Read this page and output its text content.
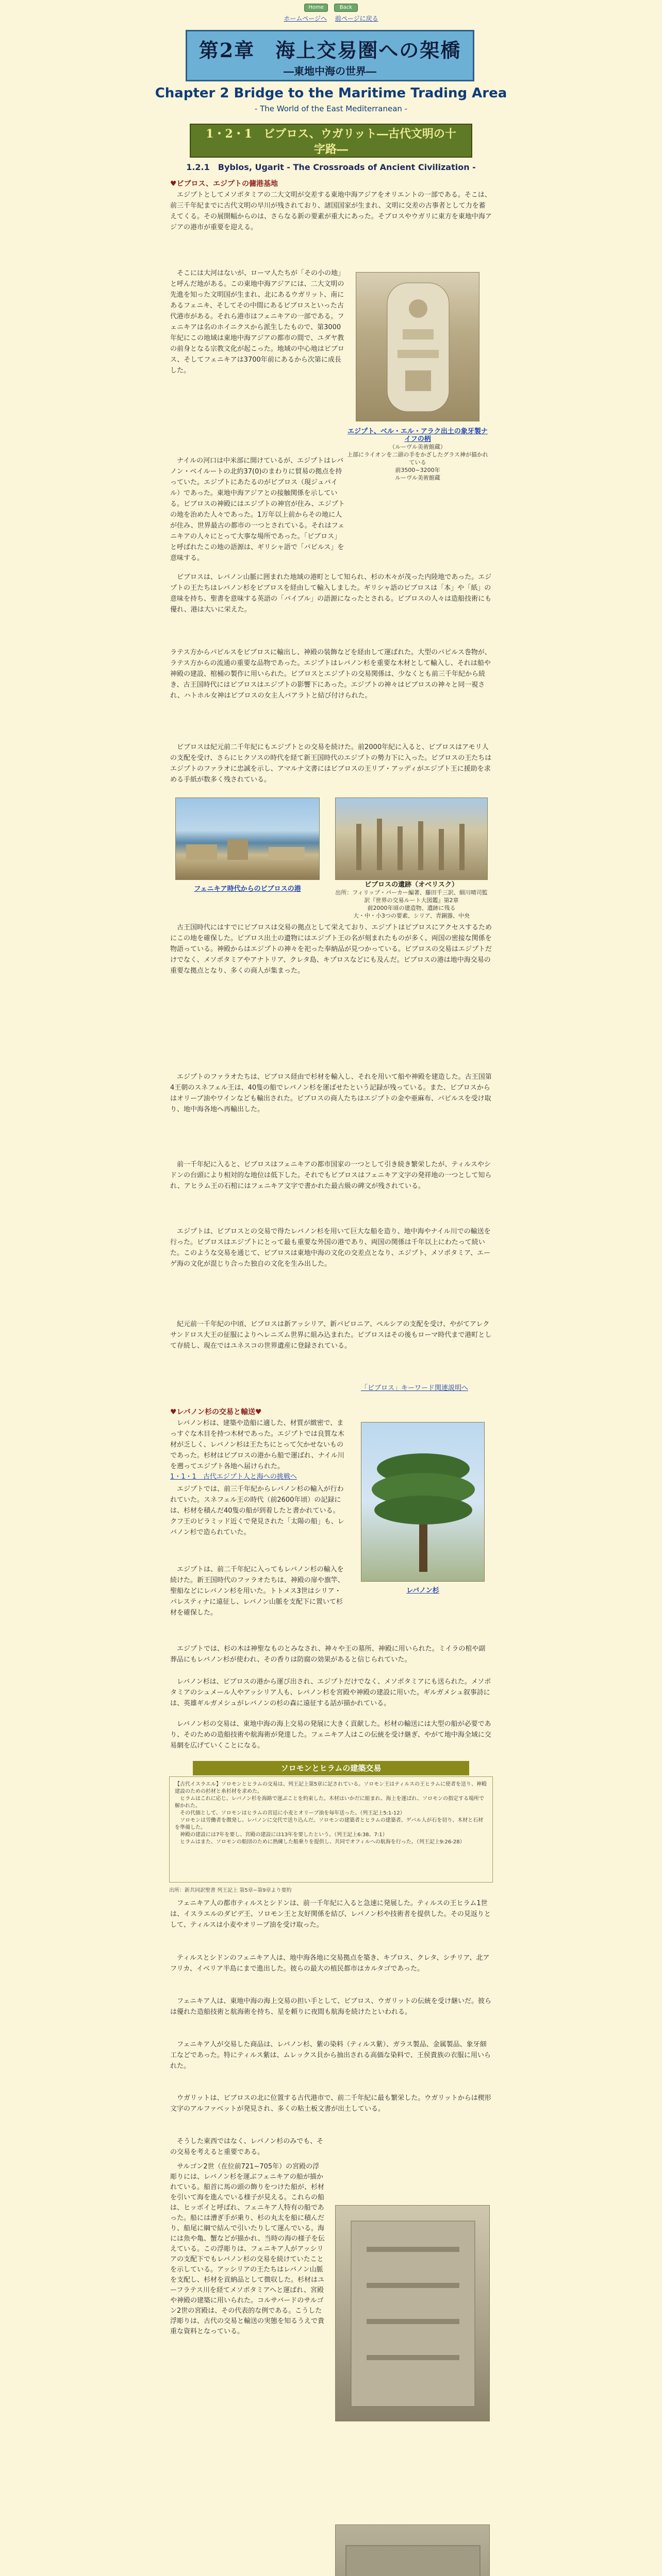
Home	Back
ホームページへ 前ページに戻る
第2章　海上交易圏への架橋
―東地中海の世界―
Chapter 2 Bridge to the Maritime Trading Area
- The World of the East Mediterranean -
1・2・1　ビブロス、ウガリット―古代文明の十
字路―
1.2.1　Byblos, Ugarit - The Crossroads of Ancient Civilization -
♥ビブロス、エジプトの傭港基地
　エジプトとしてメソポタミアの二大文明が交差する東地中海アジアをオリエントの一部である。そこは、前三千年紀までに古代文明の早川が残されており、諸国国家が生まれ、文明に交差の古事者として力を蓄えてくる。その展開幅からのは、さらなる新の要素が重大にあった。そブロスやウガリに東方を東地中海アジアの港市が重要を迎える。
　そこには大河はないが、ローマ人たちが「その小の地」と呼んだ地がある。この東地中海アジアには、二大文明の先進を知った文明国が生まれ、北にあるウガリット、南にあるフェニキ、そしてその中間にあるビブロスといった古代港市がある。それら港市はフェニキアの一部である。フェニキアは名のホイニクスから派生したもので、第3000年紀にこの地域は東地中海アジアの都市の間で、ユダヤ教の前身となる宗教文化が起こった。地域の中心地はビブロス、そしてフェニキアは3700年前にあるから次第に成長した。
エジプト、ベル・エル・アラク出土の象牙製ナイフの柄
（ルーヴル美術館蔵）
上部にライオンを二頭の手をかざしたグラス神が描かれている
前3500~3200年
ルーヴル美術館蔵
　ナイルの河口は中米部に開けているが、エジプトはレバノン・ベイルートの北約37(0)のまわりに貿易の拠点を持っていた。エジプトにあたるのがビブロス（現ジュバイル）であった。東地中海アジアとの接触関係を示している。ビブロスの神殿にはエジプトの神官が住み、エジプトの地を治めた人々であった。1万年以上前からその地に人が住み、世界最古の都市の一つとされている。それはフェニキアの人々にとって大事な場所であった。「ビブロス」と呼ばれたこの地の語源は、ギリシャ語で「パピルス」を意味する。
　ビブロスは、レバノン山脈に囲まれた地域の港町として知られ、杉の木々が茂った内陸地であった。エジプトの王たちはレバノン杉をビブロスを経由して輸入しました。ギリシャ語のビブロスは「本」や「紙」の意味を持ち、聖書を意味する英語の「バイブル」の語源になったとされる。ビブロスの人々は造船技術にも優れ、港は大いに栄えた。
ラテス方からパピルスをビブロスに輸出し、神殿の装飾などを経由して運ばれた。大型のパピルス巻物が、ラテス方からの流通の重要な品物であった。エジプトはレバノン杉を重要な木材として輸入し、それは船や神殿の建設、棺桶の製作に用いられた。ビブロスとエジプトの交易関係は、少なくとも前三千年紀から続き、古王国時代にはビブロスはエジプトの影響下にあった。エジプトの神々はビブロスの神々と同一視され、ハトホル女神はビブロスの女主人バアラトと結び付けられた。
　ビブロスは紀元前二千年紀にもエジプトとの交易を続けた。前2000年紀に入ると、ビブロスはアモリ人の支配を受け、さらにヒクソスの時代を経て新王国時代のエジプトの勢力下に入った。ビブロスの王たちはエジプトのファラオに忠誠を示し、アマルナ文書にはビブロスの王リブ・アッディがエジプト王に援助を求める手紙が数多く残されている。
フェニキア時代からのビブロスの港
ビブロスの遺跡（オベリスク）
出所：フィリップ・パーカー編著、藤田千三訳、細川晴司監訳『世界の交易ルート大図鑑』第2章
前2000年頃の建造物、遺跡に残る
大・中・小3つの要素、シリア、青銅器、中央
　古王国時代にはすでにビブロスは交易の拠点として栄えており、エジプトはビブロスにアクセスするためにこの地を確保した。ビブロス出土の遺物にはエジプト王の名が刻まれたものが多く、両国の密接な関係を物語っている。神殿からはエジプトの神々を祀った奉納品が見つかっている。ビブロスの交易はエジプトだけでなく、メソポタミアやアナトリア、クレタ島、キプロスなどにも及んだ。ビブロスの港は地中海交易の重要な拠点となり、多くの商人が集まった。
　エジプトのファラオたちは、ビブロス経由で杉材を輸入し、それを用いて船や神殿を建造した。古王国第4王朝のスネフェル王は、40隻の船でレバノン杉を運ばせたという記録が残っている。また、ビブロスからはオリーブ油やワインなども輸出された。ビブロスの商人たちはエジプトの金や亜麻布、パピルスを受け取り、地中海各地へ再輸出した。
　前一千年紀に入ると、ビブロスはフェニキアの都市国家の一つとして引き続き繁栄したが、ティルスやシドンの台頭により相対的な地位は低下した。それでもビブロスはフェニキア文字の発祥地の一つとして知られ、アヒラム王の石棺にはフェニキア文字で書かれた最古級の碑文が残されている。
　エジプトは、ビブロスとの交易で得たレバノン杉を用いて巨大な船を造り、地中海やナイル川での輸送を行った。ビブロスはエジプトにとって最も重要な外国の港であり、両国の関係は千年以上にわたって続いた。このような交易を通じて、ビブロスは東地中海の文化の交差点となり、エジプト、メソポタミア、エーゲ海の文化が混じり合った独自の文化を生み出した。
　紀元前一千年紀の中頃、ビブロスは新アッシリア、新バビロニア、ペルシアの支配を受け、やがてアレクサンドロス大王の征服によりヘレニズム世界に組み込まれた。ビブロスはその後もローマ時代まで港町として存続し、現在ではユネスコの世界遺産に登録されている。
「ビブロス」キーワード関連説明へ
♥レバノン杉の交易と輸送♥
　レバノン杉は、建築や造船に適した、材質が緻密で、まっすぐな木目を持つ木材であった。エジプトでは良質な木材が乏しく、レバノン杉は王たちにとって欠かせないものであった。杉材はビブロスの港から船で運ばれ、ナイル川を遡ってエジプト各地へ届けられた。
1・1・1　古代エジプト人と海への挑戦へ
　エジプトでは、前三千年紀からレバノン杉の輸入が行われていた。スネフェル王の時代（前2600年頃）の記録には、杉材を積んだ40隻の船が到着したと書かれている。クフ王のピラミッド近くで発見された「太陽の船」も、レバノン杉で造られていた。
　エジプトは、前二千年紀に入ってもレバノン杉の輸入を続けた。新王国時代のファラオたちは、神殿の扉や旗竿、聖船などにレバノン杉を用いた。トトメス3世はシリア・パレスティナに遠征し、レバノン山脈を支配下に置いて杉材を確保した。
レバノン杉
　エジプトでは、杉の木は神聖なものとみなされ、神々や王の墓所、神殿に用いられた。ミイラの棺や副葬品にもレバノン杉が使われ、その香りは防腐の効果があると信じられていた。
　レバノン杉は、ビブロスの港から運び出され、エジプトだけでなく、メソポタミアにも送られた。メソポタミアのシュメール人やアッシリア人も、レバノン杉を宮殿や神殿の建設に用いた。ギルガメシュ叙事詩には、英雄ギルガメシュがレバノンの杉の森に遠征する話が描かれている。
　レバノン杉の交易は、東地中海の海上交易の発展に大きく貢献した。杉材の輸送には大型の船が必要であり、そのための造船技術や航海術が発達した。フェニキア人はこの伝統を受け継ぎ、やがて地中海全域に交易網を広げていくことになる。
ソロモンとヒラムの建築交易
【古代イスラエル】ソロモンとヒラムの交易は、列王記上第5章に記されている。ソロモン王はティルスの王ヒラムに使者を送り、神殿建設のための杉材と糸杉材を求めた。
　ヒラムはこれに応じ、レバノン杉を海路で運ぶことを約束した。木材はいかだに組まれ、海上を運ばれ、ソロモンの指定する場所で解かれた。
　その代価として、ソロモンはヒラムの宮廷に小麦とオリーブ油を毎年送った。（列王記上5:1-12）
　ソロモンは労働者を徴発し、レバノンに交代で送り込んだ。ソロモンの建築者とヒラムの建築者、ゲバル人が石を切り、木材と石材を準備した。
　神殿の建設には7年を要し、宮殿の建設には13年を要したという。（列王記上6:38、7:1）
　ヒラムはまた、ソロモンの船団のために熟練した船乗りを提供し、共同でオフィルへの航海を行った。（列王記上9:26-28）
出所：新共同訳聖書 列王記上 第5章~第9章より要約
　フェニキア人の都市ティルスとシドンは、前一千年紀に入ると急速に発展した。ティルスの王ヒラム1世は、イスラエルのダビデ王、ソロモン王と友好関係を結び、レバノン杉や技術者を提供した。その見返りとして、ティルスは小麦やオリーブ油を受け取った。
　ティルスとシドンのフェニキア人は、地中海各地に交易拠点を築き、キプロス、クレタ、シチリア、北アフリカ、イベリア半島にまで進出した。彼らの最大の植民都市はカルタゴであった。
　フェニキア人は、東地中海の海上交易の担い手として、ビブロス、ウガリットの伝統を受け継いだ。彼らは優れた造船技術と航海術を持ち、星を頼りに夜間も航海を続けたといわれる。
　フェニキア人が交易した商品は、レバノン杉、紫の染料（ティルス紫）、ガラス製品、金属製品、象牙細工などであった。特にティルス紫は、ムレックス貝から抽出される高価な染料で、王侯貴族の衣服に用いられた。
　ウガリットは、ビブロスの北に位置する古代港市で、前二千年紀に最も繁栄した。ウガリットからは楔形文字のアルファベットが発見され、多くの粘土板文書が出土している。
　そうした東西ではなく、レバノン杉のみでも、その交易を考えると重要である。
　サルゴン2世（在位前721~705年）の宮殿の浮彫りには、レバノン杉を運ぶフェニキアの船が描かれている。船首に馬の頭の飾りをつけた船が、杉材を引いて海を進んでいる様子が見える。これらの船は、ヒッポイと呼ばれ、フェニキア人特有の船であった。船には漕ぎ手が乗り、杉の丸太を船に積んだり、船尾に綱で結んで引いたりして運んでいる。海には魚や亀、蟹などが描かれ、当時の海の様子を伝えている。この浮彫りは、フェニキア人がアッシリアの支配下でもレバノン杉の交易を続けていたことを示している。アッシリアの王たちはレバノン山脈を支配し、杉材を貢納品として徴収した。杉材はユーフラテス川を経てメソポタミアへと運ばれ、宮殿や神殿の建築に用いられた。コルサバードのサルゴン2世の宮殿は、その代表的な例である。こうした浮彫りは、古代の交易と輸送の実態を知るうえで貴重な資料となっている。
